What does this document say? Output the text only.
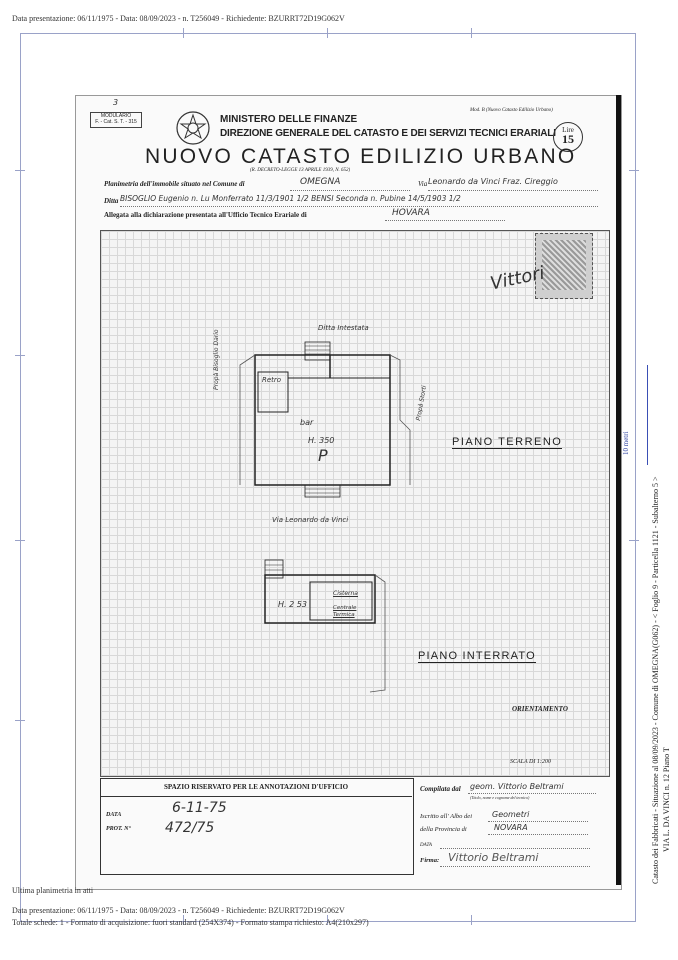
Data presentazione: 06/11/1975 - Data: 08/09/2023 - n. T256049 - Richiedente: BZURRT72D19G062V
MODULARIO
F. - Cat. S. T. - 315
3
MINISTERO DELLE FINANZE
DIREZIONE GENERALE DEL CATASTO E DEI SERVIZI TECNICI ERARIALI
Mod. B (Nuovo Catasto Edilizio Urbano)
Lire
15
NUOVO CATASTO EDILIZIO URBANO
(R. DECRETO-LEGGE 13 APRILE 1939, N. 652)
Planimetria dell'immobile situato nel Comune di	OMEGNA	Via Leonardo da Vinci Fraz. Cireggio
Ditta BISOGLIO Eugenio n. Lu Monferrato 11/3/1901 1/2 BENSI Seconda n. Pubine 14/5/1903 1/2
Allegata alla dichiarazione presentata all'Ufficio Tecnico Erariale di	HOVARA
Vittori
Ditta Intestata
Propà Bisoglio Dario
Propà Storti
Retro
bar
H. 350
P
PIANO TERRENO
Via Leonardo da Vinci
H. 2 53
Cisterna
Centrale Termica
PIANO INTERRATO
ORIENTAMENTO
SCALA DI 1:200
SPAZIO RISERVATO PER LE ANNOTAZIONI D'UFFICIO
DATA	6-11-75
PROT. N° 472/75
Compilata dal geom. Vittorio Beltrami
(Titolo, nome e cognome del tecnico)
Iscritto all' Albo dei Geometri
della Provincia di	NOVARA
DATA
Firma: Vittorio Beltrami	Catasto dei Fabbricati - Situazione al 08/09/2023 - Comune di OMEGNA(G062) - < Foglio 9 - Particella 1121 - Subalterno 5 > VIA L. DA VINCI n. 12 Piano T
10 metri
Ultima planimetria in atti
Data presentazione: 06/11/1975 - Data: 08/09/2023 - n. T256049 - Richiedente: BZURRT72D19G062V
Totale schede: 1 - Formato di acquisizione: fuori standard (254X374) - Formato stampa richiesto: A4(210x297)
